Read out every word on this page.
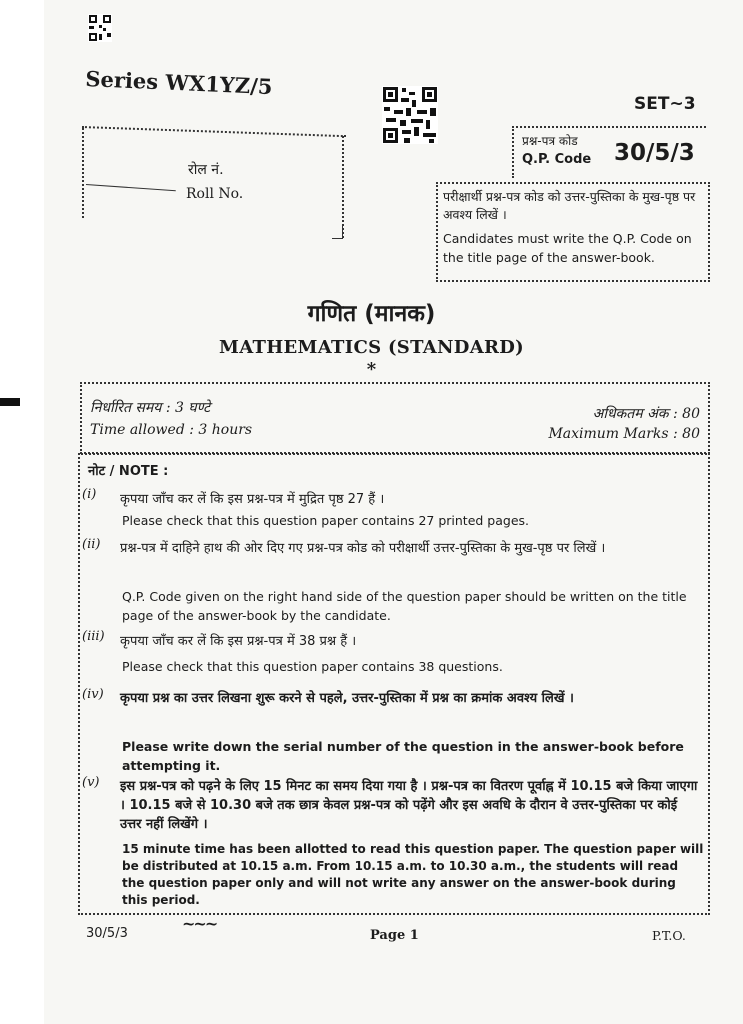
Series WX1YZ/5
SET~3
रोल नं.
Roll No.
प्रश्न-पत्र कोड
Q.P. Code 30/5/3
परीक्षार्थी प्रश्न-पत्र कोड को उत्तर-पुस्तिका के मुख-पृष्ठ पर अवश्य लिखें ।
Candidates must write the Q.P. Code on the title page of the answer-book.
गणित (मानक)
MATHEMATICS (STANDARD)
*
निर्धारित समय : 3 घण्टे
Time allowed : 3 hours
अधिकतम अंक : 80
Maximum Marks : 80
नोट / NOTE :
(i) कृपया जाँच कर लें कि इस प्रश्न-पत्र में मुद्रित पृष्ठ 27 हैं ।
Please check that this question paper contains 27 printed pages.
(ii) प्रश्न-पत्र में दाहिने हाथ की ओर दिए गए प्रश्न-पत्र कोड को परीक्षार्थी उत्तर-पुस्तिका के मुख-पृष्ठ पर लिखें ।
Q.P. Code given on the right hand side of the question paper should be written on the title page of the answer-book by the candidate.
(iii) कृपया जाँच कर लें कि इस प्रश्न-पत्र में 38 प्रश्न हैं ।
Please check that this question paper contains 38 questions.
(iv) कृपया प्रश्न का उत्तर लिखना शुरू करने से पहले, उत्तर-पुस्तिका में प्रश्न का क्रमांक अवश्य लिखें ।
Please write down the serial number of the question in the answer-book before attempting it.
(v) इस प्रश्न-पत्र को पढ़ने के लिए 15 मिनट का समय दिया गया है । प्रश्न-पत्र का वितरण पूर्वाह्न में 10.15 बजे किया जाएगा । 10.15 बजे से 10.30 बजे तक छात्र केवल प्रश्न-पत्र को पढ़ेंगे और इस अवधि के दौरान वे उत्तर-पुस्तिका पर कोई उत्तर नहीं लिखेंगे ।
15 minute time has been allotted to read this question paper. The question paper will be distributed at 10.15 a.m. From 10.15 a.m. to 10.30 a.m., the students will read the question paper only and will not write any answer on the answer-book during this period.
30/5/3
~~~
Page 1	P.T.O.
